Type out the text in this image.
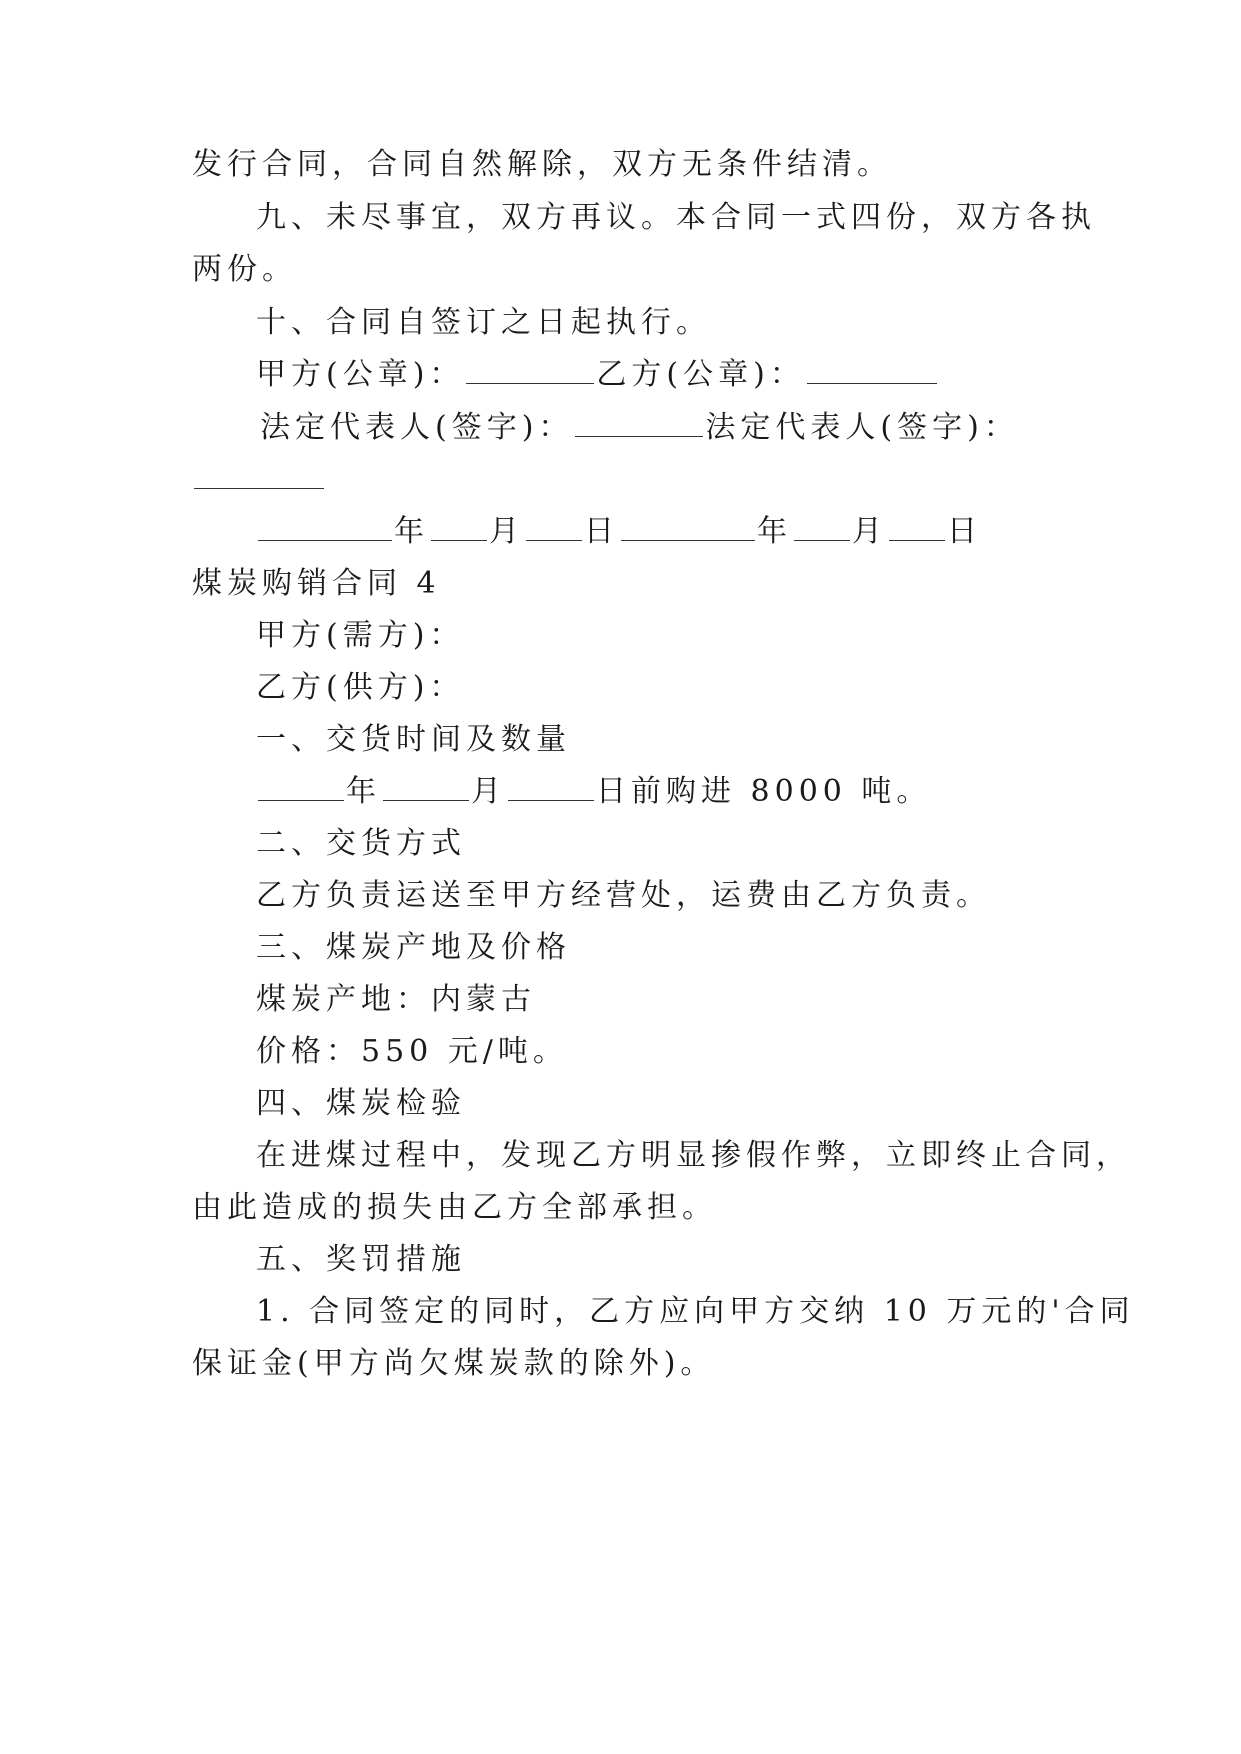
发行合同，合同自然解除，双方无条件结清。
九、未尽事宜，双方再议。本合同一式四份，双方各执
两份。
十、合同自签订之日起执行。
甲方(公章)：	乙方(公章)：
法定代表人(签字)：	法定代表人(签字)：
年 月 日	年 月 日
煤炭购销合同 4
甲方(需方)：
乙方(供方)：
一、交货时间及数量
年	月	日前购进 8000 吨。
二、交货方式
乙方负责运送至甲方经营处，运费由乙方负责。
三、煤炭产地及价格
煤炭产地：内蒙古
价格：550 元/吨。
四、煤炭检验
在进煤过程中，发现乙方明显掺假作弊，立即终止合同，
由此造成的损失由乙方全部承担。
五、奖罚措施
1. 合同签定的同时，乙方应向甲方交纳 10 万元的'合同
保证金(甲方尚欠煤炭款的除外)。
